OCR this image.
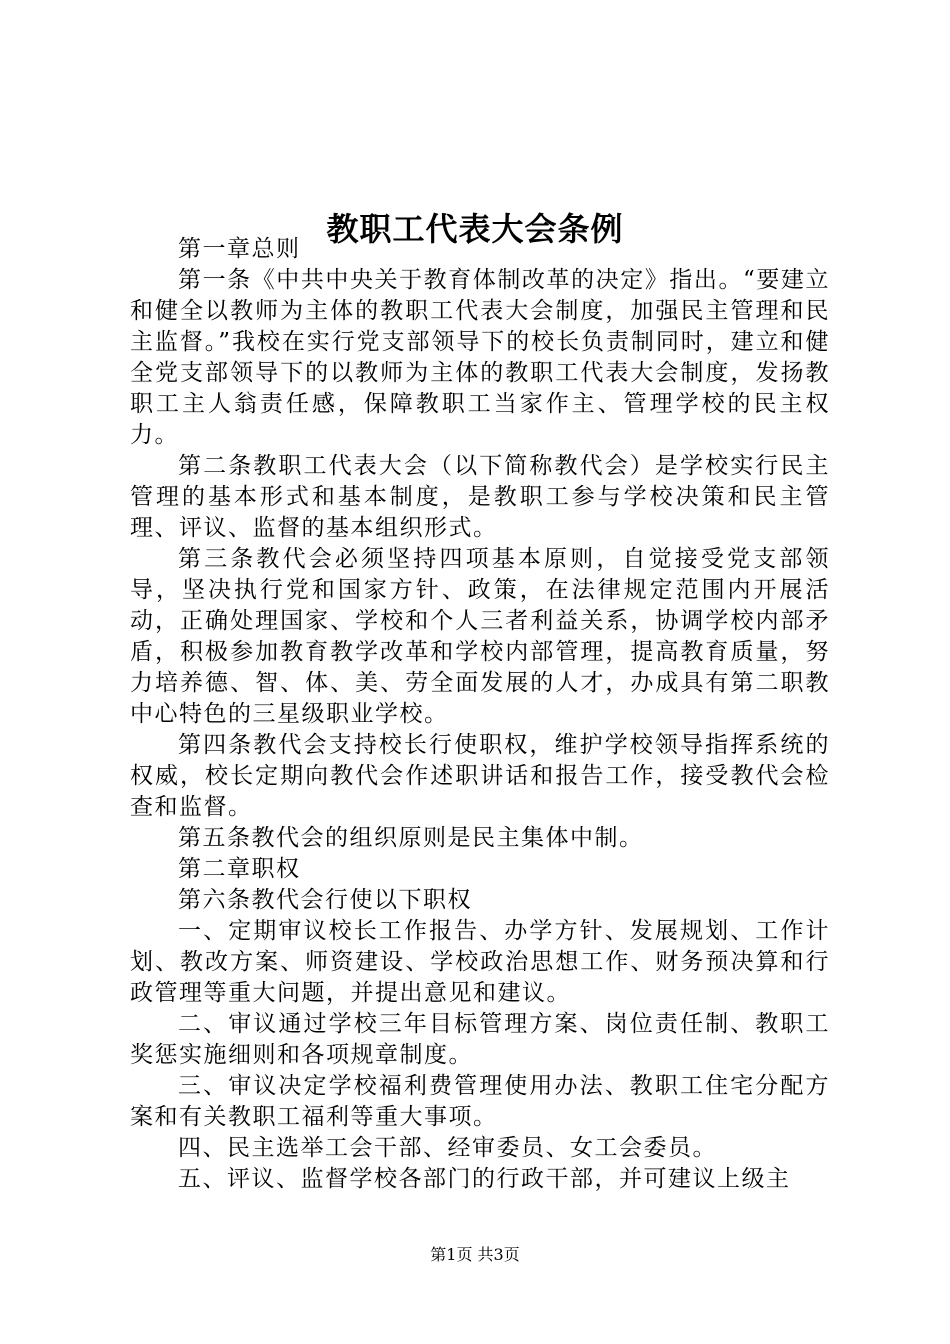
教职工代表大会条例

第一章总则

第一条《中共中央关于教育体制改革的决定》指出。“要建立和健全以教师为主体的教职工代表大会制度，加强民主管理和民主监督。”我校在实行党支部领导下的校长负责制同时，建立和健全党支部领导下的以教师为主体的教职工代表大会制度，发扬教职工主人翁责任感，保障教职工当家作主、管理学校的民主权力。

第二条教职工代表大会（以下简称教代会）是学校实行民主管理的基本形式和基本制度，是教职工参与学校决策和民主管理、评议、监督的基本组织形式。

第三条教代会必须坚持四项基本原则，自觉接受党支部领导，坚决执行党和国家方针、政策，在法律规定范围内开展活动，正确处理国家、学校和个人三者利益关系，协调学校内部矛盾，积极参加教育教学改革和学校内部管理，提高教育质量，努力培养德、智、体、美、劳全面发展的人才，办成具有第二职教中心特色的三星级职业学校。

第四条教代会支持校长行使职权，维护学校领导指挥系统的权威，校长定期向教代会作述职讲话和报告工作，接受教代会检查和监督。

第五条教代会的组织原则是民主集体中制。

第二章职权

第六条教代会行使以下职权

一、定期审议校长工作报告、办学方针、发展规划、工作计划、教改方案、师资建设、学校政治思想工作、财务预决算和行政管理等重大问题，并提出意见和建议。

二、审议通过学校三年目标管理方案、岗位责任制、教职工奖惩实施细则和各项规章制度。

三、审议决定学校福利费管理使用办法、教职工住宅分配方案和有关教职工福利等重大事项。

四、民主选举工会干部、经审委员、女工会委员。

五、评议、监督学校各部门的行政干部，并可建议上级主

第1页 共3页
